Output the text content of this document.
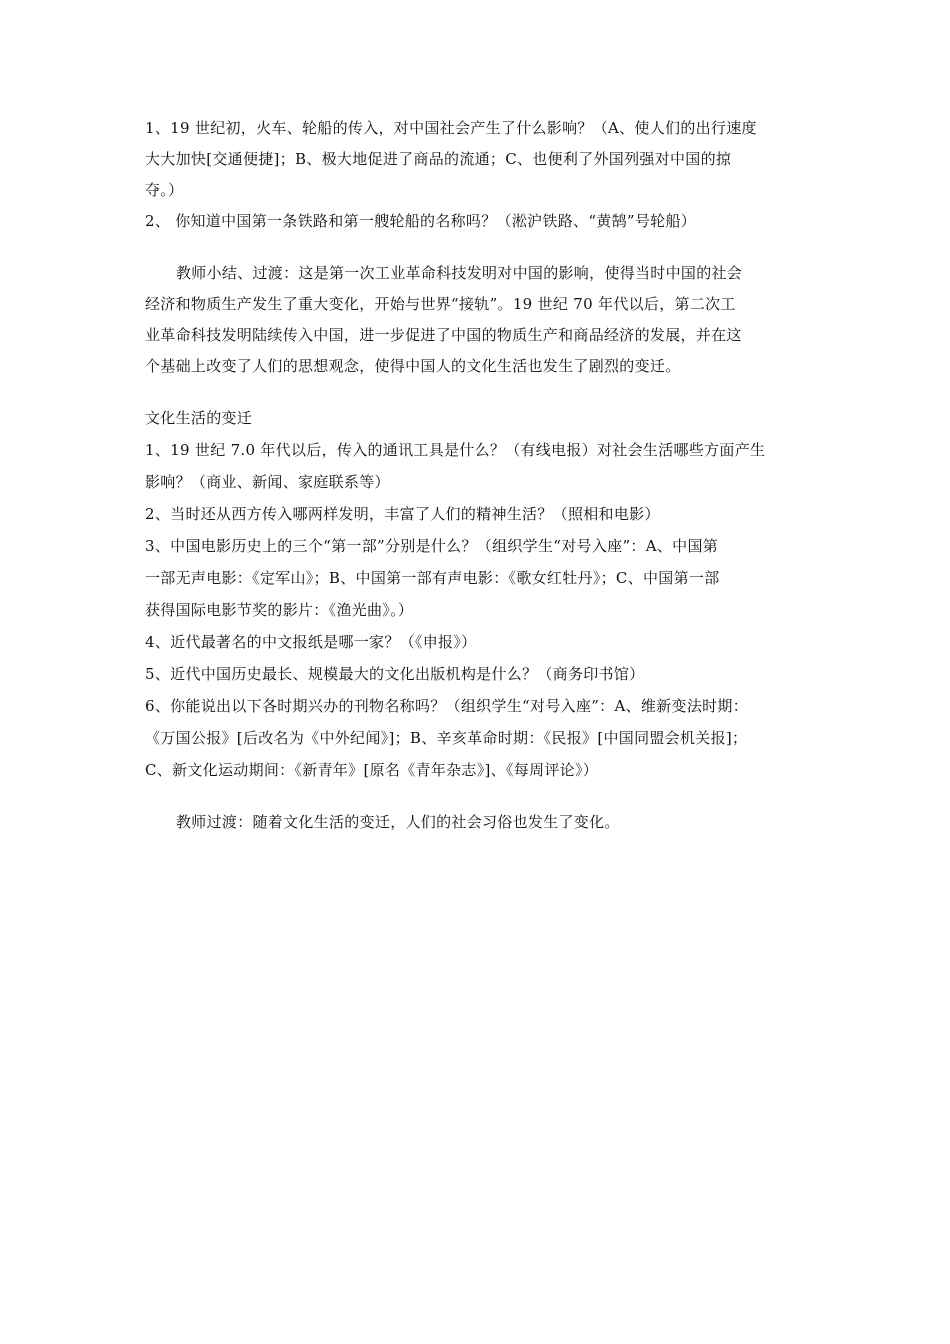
1、19 世纪初，火车、轮船的传入，对中国社会产生了什么影响？（A、使人们的出行速度
大大加快[交通便捷]；B、极大地促进了商品的流通；C、也便利了外国列强对中国的掠
夺。）
2、 你知道中国第一条铁路和第一艘轮船的名称吗？（淞沪铁路、“黄鹄”号轮船）
教师小结、过渡：这是第一次工业革命科技发明对中国的影响，使得当时中国的社会
经济和物质生产发生了重大变化，开始与世界“接轨”。19 世纪 70 年代以后，第二次工
业革命科技发明陆续传入中国，进一步促进了中国的物质生产和商品经济的发展，并在这
个基础上改变了人们的思想观念，使得中国人的文化生活也发生了剧烈的变迁。
文化生活的变迁
1、19 世纪 7.0 年代以后，传入的通讯工具是什么？（有线电报）对社会生活哪些方面产生
影响？（商业、新闻、家庭联系等）
2、当时还从西方传入哪两样发明，丰富了人们的精神生活？（照相和电影）
3、中国电影历史上的三个“第一部”分别是什么？（组织学生“对号入座”：A、中国第
一部无声电影：《定军山》；B、中国第一部有声电影：《歌女红牡丹》；C、中国第一部
获得国际电影节奖的影片：《渔光曲》。）
4、近代最著名的中文报纸是哪一家？（《申报》）
5、近代中国历史最长、规模最大的文化出版机构是什么？（商务印书馆）
6、你能说出以下各时期兴办的刊物名称吗？（组织学生“对号入座”：A、维新变法时期：
《万国公报》[后改名为《中外纪闻》]；B、辛亥革命时期：《民报》[中国同盟会机关报]；
C、新文化运动期间：《新青年》[原名《青年杂志》]、《每周评论》）
教师过渡：随着文化生活的变迁，人们的社会习俗也发生了变化。
